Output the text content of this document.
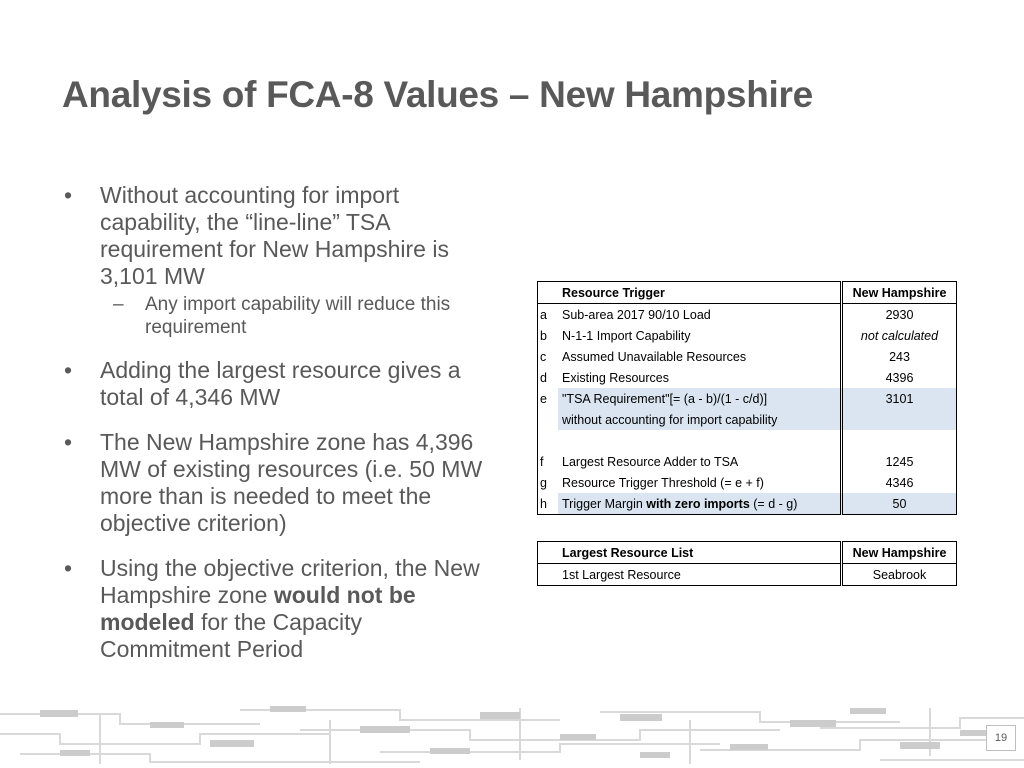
Analysis of FCA-8 Values – New Hampshire
• Without accounting for import capability, the “line-line” TSA requirement for New Hampshire is 3,101 MW
– Any import capability will reduce this requirement
• Adding the largest resource gives a total of 4,346 MW
• The New Hampshire zone has 4,396 MW of existing resources (i.e. 50 MW more than is needed to meet the objective criterion)
• Using the objective criterion, the New Hampshire zone would not be modeled for the Capacity Commitment Period
	Resource Trigger	New Hampshire
a	Sub-area 2017 90/10 Load	2930
b	N-1-1 Import Capability	not calculated
c	Assumed Unavailable Resources	243
d	Existing Resources	4396
e	"TSA Requirement"[= (a - b)/(1 - c/d)]	3101
	without accounting for import capability	

f	Largest Resource Adder to TSA	1245
g	Resource Trigger Threshold (= e + f)	4346
h	Trigger Margin with zero imports (= d - g)	50
	Largest Resource List	New Hampshire
	1st Largest Resource	Seabrook
19
